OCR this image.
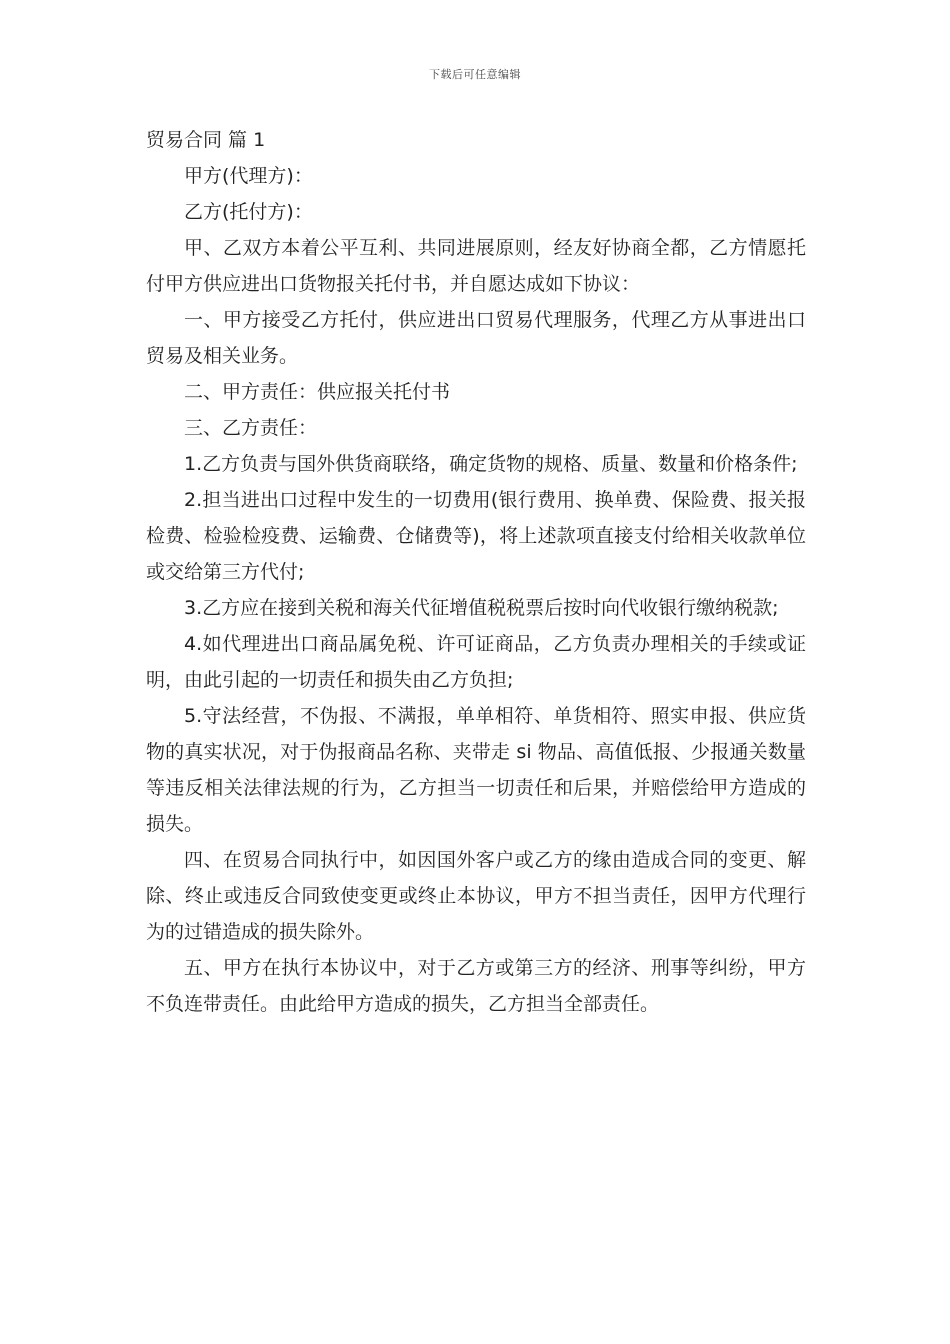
下载后可任意编辑
贸易合同 篇 1

甲方(代理方)：

乙方(托付方)：

甲、乙双方本着公平互利、共同进展原则，经友好协商全都，乙方情愿托付甲方供应进出口货物报关托付书，并自愿达成如下协议：

一、甲方接受乙方托付，供应进出口贸易代理服务，代理乙方从事进出口贸易及相关业务。

二、甲方责任：供应报关托付书

三、乙方责任：

1.乙方负责与国外供货商联络，确定货物的规格、质量、数量和价格条件;

2.担当进出口过程中发生的一切费用(银行费用、换单费、保险费、报关报检费、检验检疫费、运输费、仓储费等)，将上述款项直接支付给相关收款单位或交给第三方代付;

3.乙方应在接到关税和海关代征增值税税票后按时向代收银行缴纳税款;

4.如代理进出口商品属免税、许可证商品，乙方负责办理相关的手续或证明，由此引起的一切责任和损失由乙方负担;

5.守法经营，不伪报、不满报，单单相符、单货相符、照实申报、供应货物的真实状况，对于伪报商品名称、夹带走 si 物品、高值低报、少报通关数量等违反相关法律法规的行为，乙方担当一切责任和后果，并赔偿给甲方造成的损失。

四、在贸易合同执行中，如因国外客户或乙方的缘由造成合同的变更、解除、终止或违反合同致使变更或终止本协议，甲方不担当责任，因甲方代理行为的过错造成的损失除外。

五、甲方在执行本协议中，对于乙方或第三方的经济、刑事等纠纷，甲方不负连带责任。由此给甲方造成的损失，乙方担当全部责任。
